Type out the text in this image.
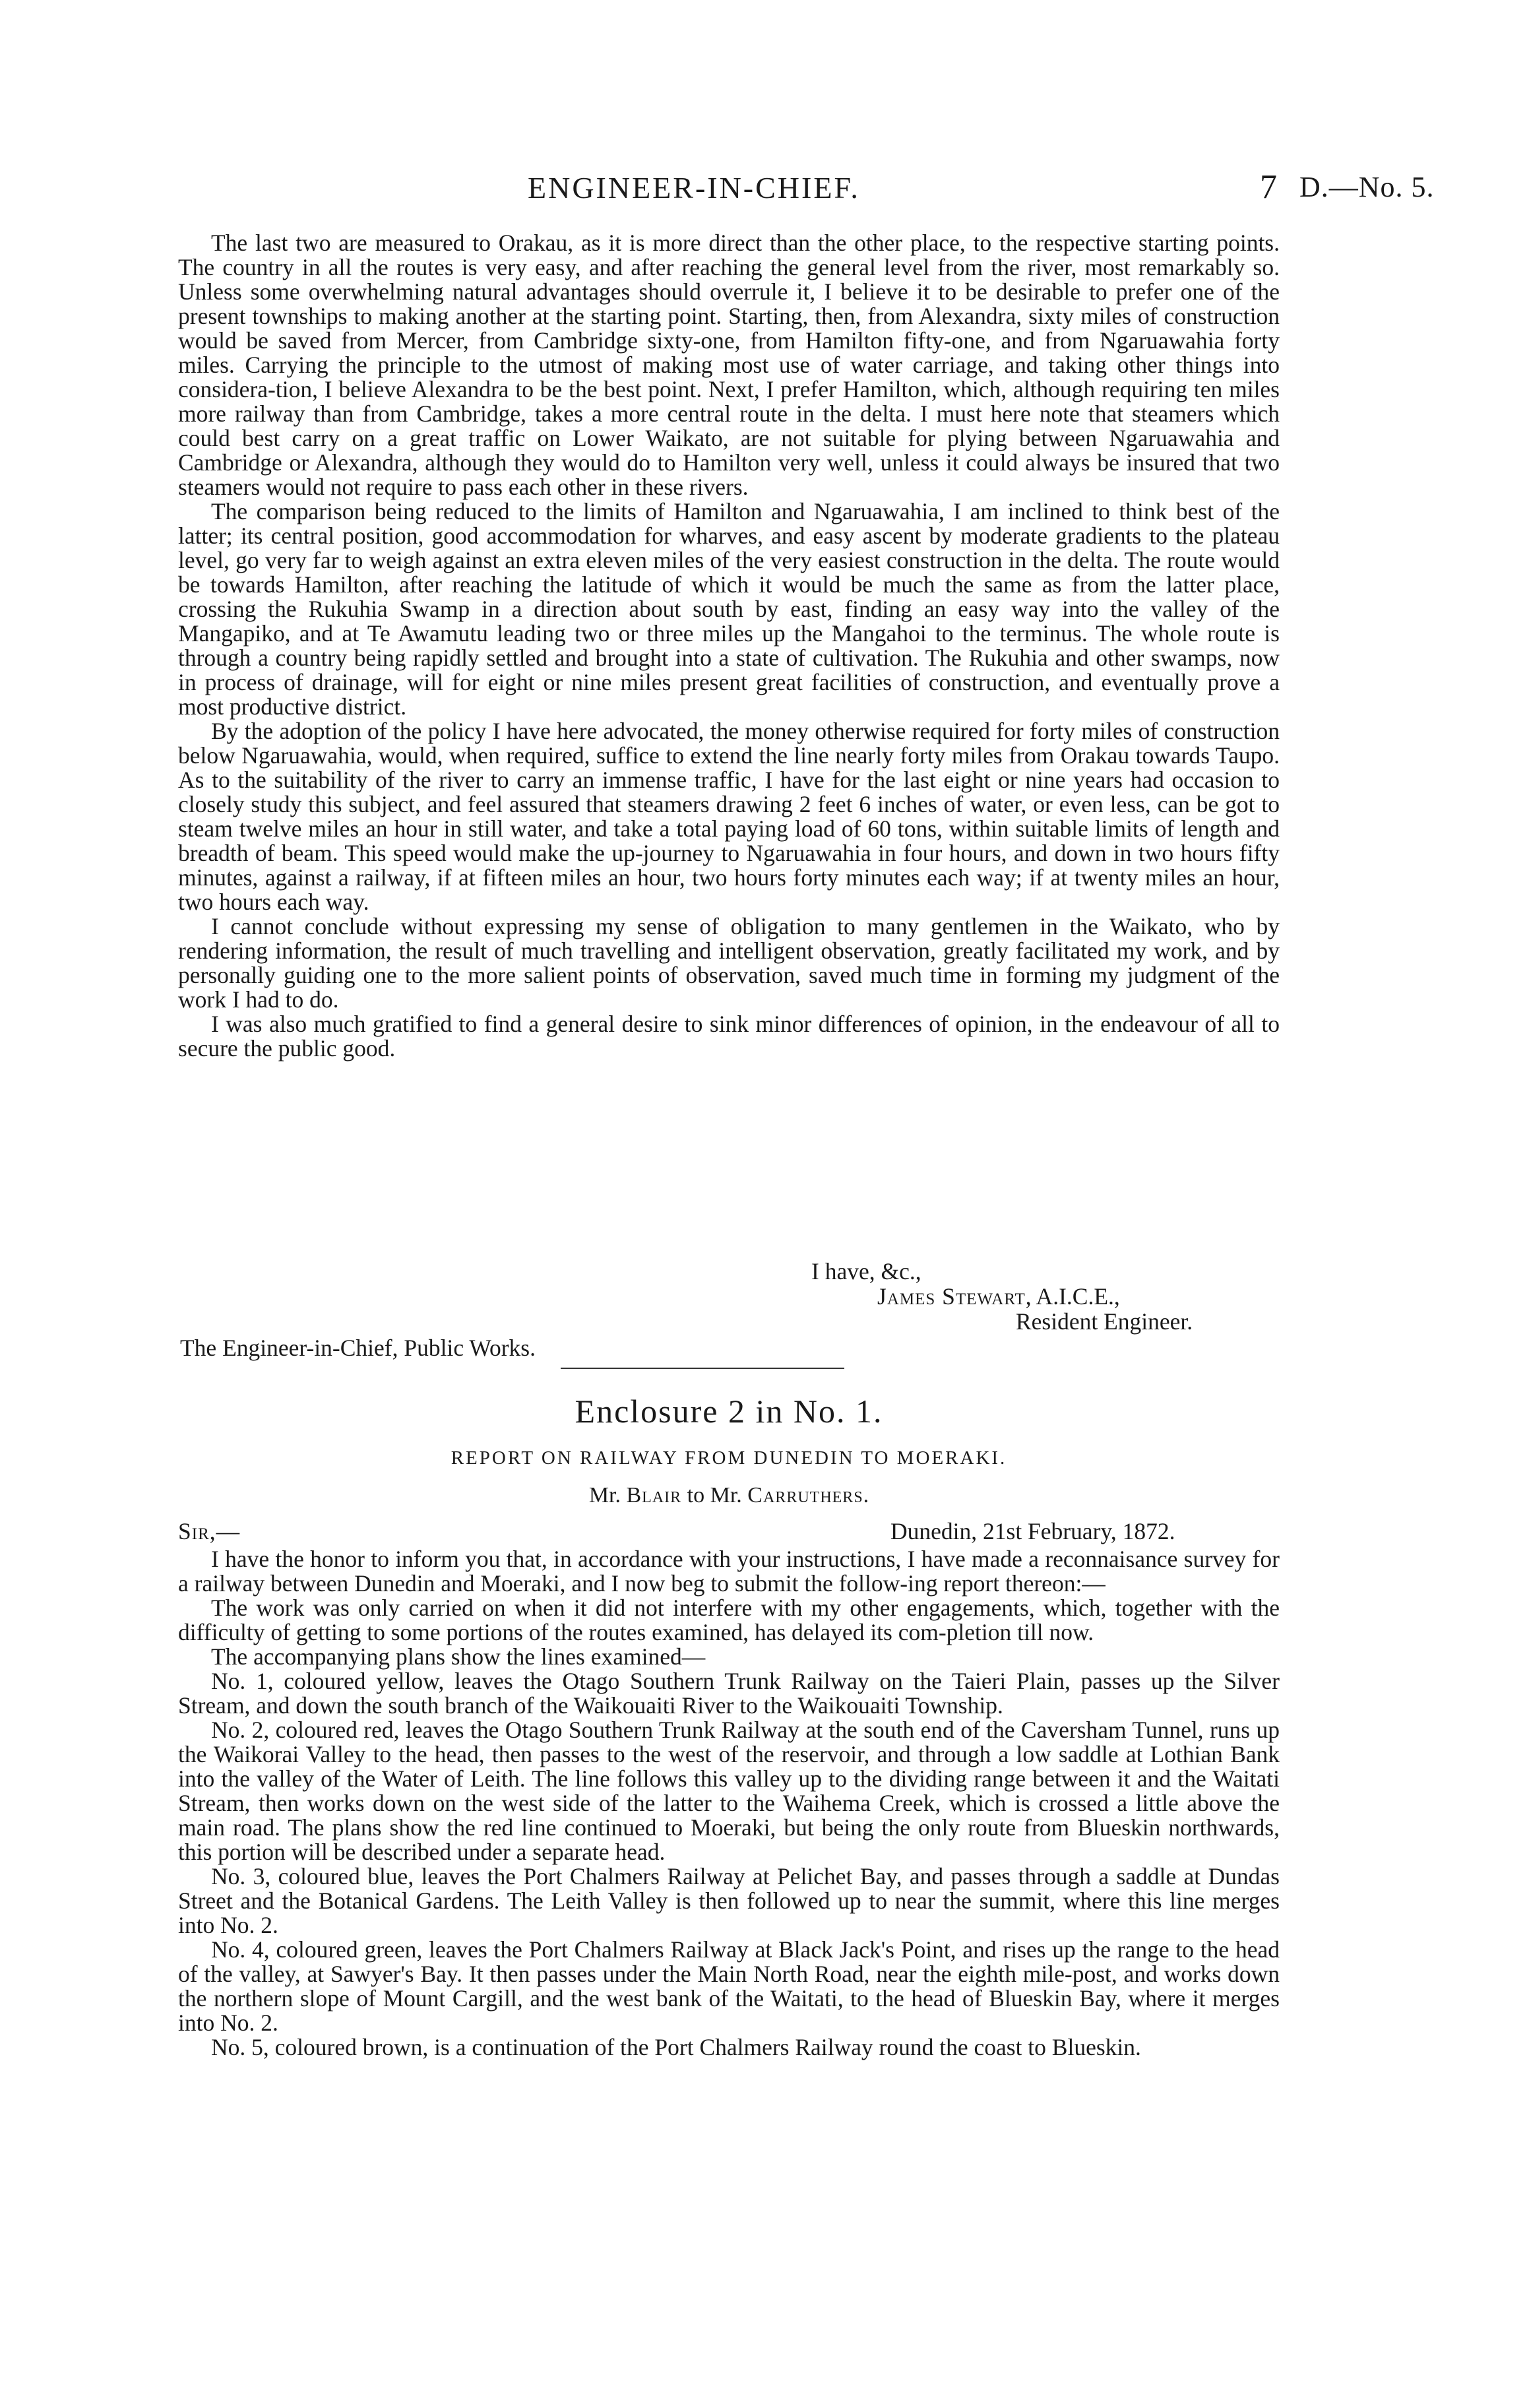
ENGINEER-IN-CHIEF.	7 D.—No. 5.

The last two are measured to Orakau, as it is more direct than the other place, to the respective starting points. The country in all the routes is very easy, and after reaching the general level from the river, most remarkably so. Unless some overwhelming natural advantages should overrule it, I believe it to be desirable to prefer one of the present townships to making another at the starting point. Starting, then, from Alexandra, sixty miles of construction would be saved from Mercer, from Cambridge sixty-one, from Hamilton fifty-one, and from Ngaruawahia forty miles. Carrying the principle to the utmost of making most use of water carriage, and taking other things into considera-tion, I believe Alexandra to be the best point. Next, I prefer Hamilton, which, although requiring ten miles more railway than from Cambridge, takes a more central route in the delta. I must here note that steamers which could best carry on a great traffic on Lower Waikato, are not suitable for plying between Ngaruawahia and Cambridge or Alexandra, although they would do to Hamilton very well, unless it could always be insured that two steamers would not require to pass each other in these rivers.

The comparison being reduced to the limits of Hamilton and Ngaruawahia, I am inclined to think best of the latter; its central position, good accommodation for wharves, and easy ascent by moderate gradients to the plateau level, go very far to weigh against an extra eleven miles of the very easiest construction in the delta. The route would be towards Hamilton, after reaching the latitude of which it would be much the same as from the latter place, crossing the Rukuhia Swamp in a direction about south by east, finding an easy way into the valley of the Mangapiko, and at Te Awamutu leading two or three miles up the Mangahoi to the terminus. The whole route is through a country being rapidly settled and brought into a state of cultivation. The Rukuhia and other swamps, now in process of drainage, will for eight or nine miles present great facilities of construction, and eventually prove a most productive district.

By the adoption of the policy I have here advocated, the money otherwise required for forty miles of construction below Ngaruawahia, would, when required, suffice to extend the line nearly forty miles from Orakau towards Taupo. As to the suitability of the river to carry an immense traffic, I have for the last eight or nine years had occasion to closely study this subject, and feel assured that steamers drawing 2 feet 6 inches of water, or even less, can be got to steam twelve miles an hour in still water, and take a total paying load of 60 tons, within suitable limits of length and breadth of beam. This speed would make the up-journey to Ngaruawahia in four hours, and down in two hours fifty minutes, against a railway, if at fifteen miles an hour, two hours forty minutes each way; if at twenty miles an hour, two hours each way.

I cannot conclude without expressing my sense of obligation to many gentlemen in the Waikato, who by rendering information, the result of much travelling and intelligent observation, greatly facilitated my work, and by personally guiding one to the more salient points of observation, saved much time in forming my judgment of the work I had to do.

I was also much gratified to find a general desire to sink minor differences of opinion, in the endeavour of all to secure the public good.

I have, &c.,
James Stewart, A.I.C.E.,
Resident Engineer.
The Engineer-in-Chief, Public Works.
Enclosure 2 in No. 1.
REPORT ON RAILWAY FROM DUNEDIN TO MOERAKI.
Mr. Blair to Mr. Carruthers.
Sir,—	Dunedin, 21st February, 1872.

I have the honor to inform you that, in accordance with your instructions, I have made a reconnaisance survey for a railway between Dunedin and Moeraki, and I now beg to submit the follow-ing report thereon:—

The work was only carried on when it did not interfere with my other engagements, which, together with the difficulty of getting to some portions of the routes examined, has delayed its com-pletion till now.

The accompanying plans show the lines examined—

No. 1, coloured yellow, leaves the Otago Southern Trunk Railway on the Taieri Plain, passes up the Silver Stream, and down the south branch of the Waikouaiti River to the Waikouaiti Township.

No. 2, coloured red, leaves the Otago Southern Trunk Railway at the south end of the Caversham Tunnel, runs up the Waikorai Valley to the head, then passes to the west of the reservoir, and through a low saddle at Lothian Bank into the valley of the Water of Leith. The line follows this valley up to the dividing range between it and the Waitati Stream, then works down on the west side of the latter to the Waihema Creek, which is crossed a little above the main road. The plans show the red line continued to Moeraki, but being the only route from Blueskin northwards, this portion will be described under a separate head.

No. 3, coloured blue, leaves the Port Chalmers Railway at Pelichet Bay, and passes through a saddle at Dundas Street and the Botanical Gardens. The Leith Valley is then followed up to near the summit, where this line merges into No. 2.

No. 4, coloured green, leaves the Port Chalmers Railway at Black Jack's Point, and rises up the range to the head of the valley, at Sawyer's Bay. It then passes under the Main North Road, near the eighth mile-post, and works down the northern slope of Mount Cargill, and the west bank of the Waitati, to the head of Blueskin Bay, where it merges into No. 2.

No. 5, coloured brown, is a continuation of the Port Chalmers Railway round the coast to Blueskin.
